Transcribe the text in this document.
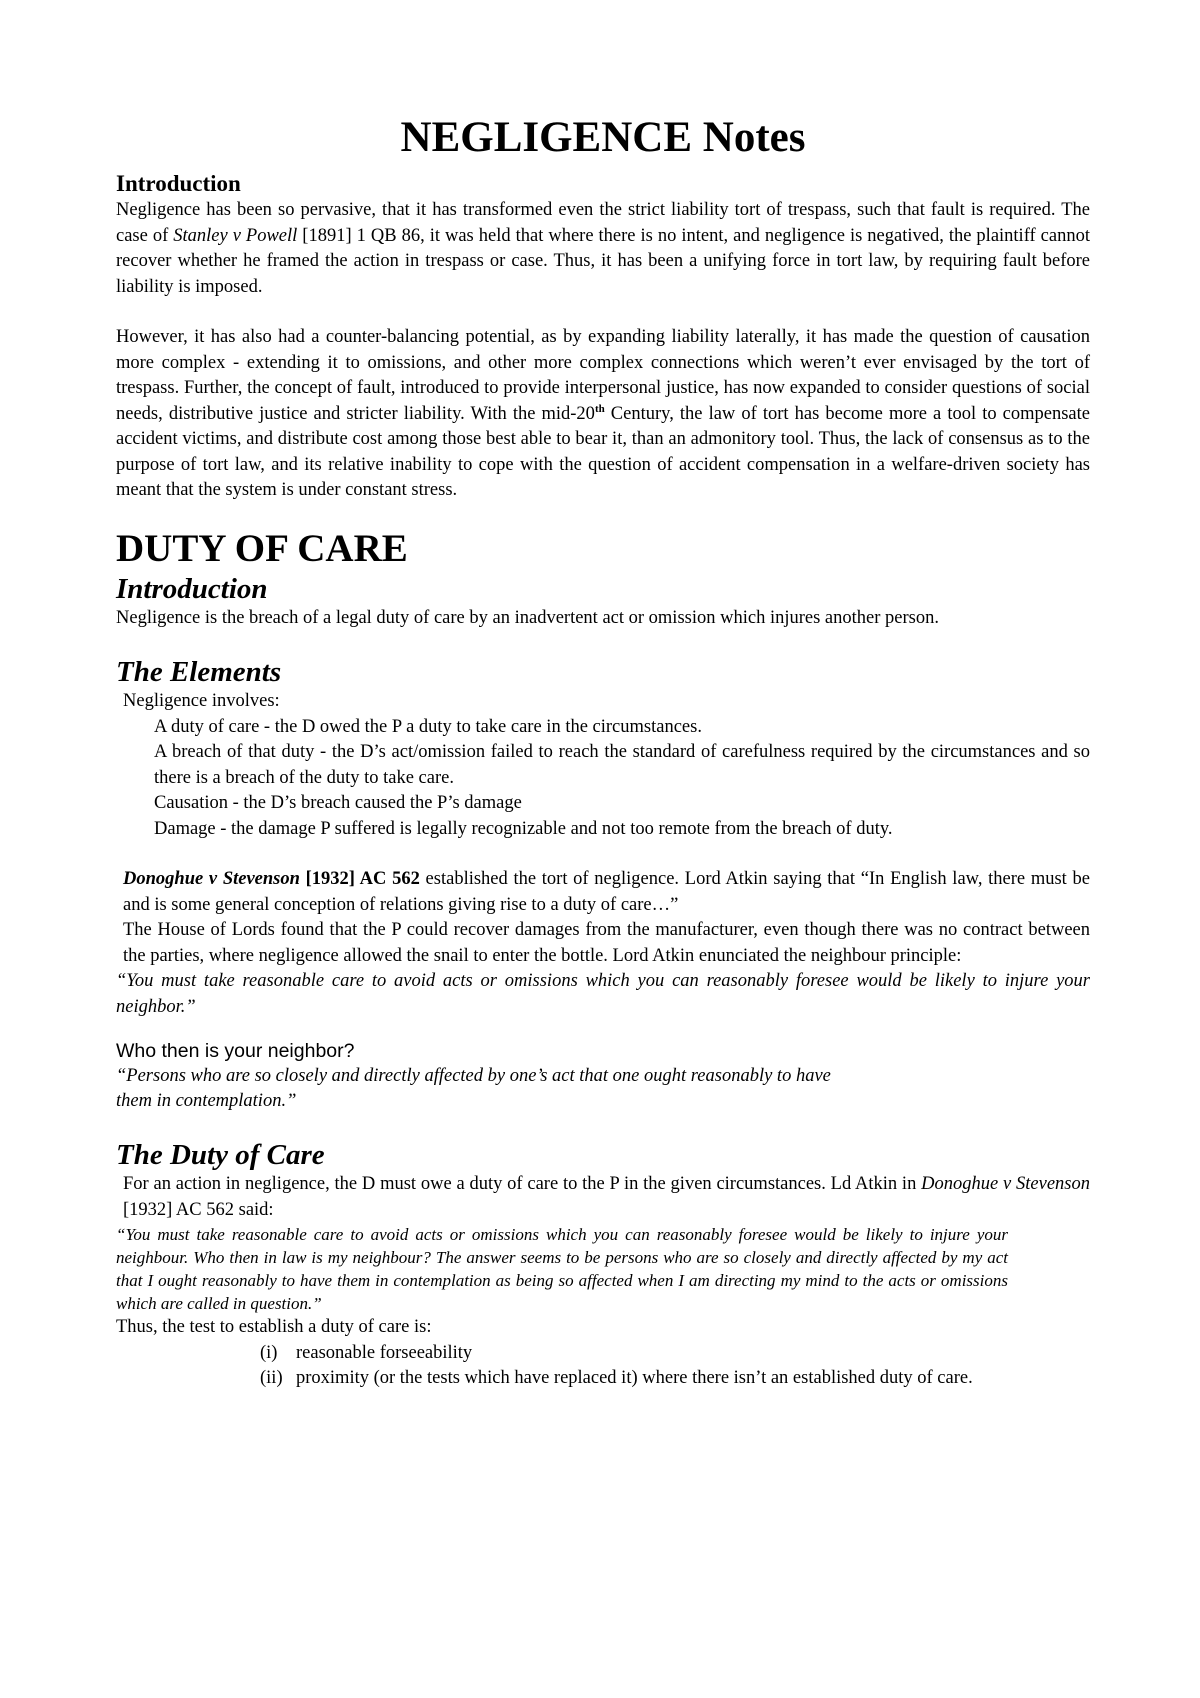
NEGLIGENCE Notes

Introduction

Negligence has been so pervasive, that it has transformed even the strict liability tort of trespass, such that fault is required. The case of Stanley v Powell [1891] 1 QB 86, it was held that where there is no intent, and negligence is negatived, the plaintiff cannot recover whether he framed the action in trespass or case. Thus, it has been a unifying force in tort law, by requiring fault before liability is imposed.

However, it has also had a counter-balancing potential, as by expanding liability laterally, it has made the question of causation more complex - extending it to omissions, and other more complex connections which weren’t ever envisaged by the tort of trespass. Further, the concept of fault, introduced to provide interpersonal justice, has now expanded to consider questions of social needs, distributive justice and stricter liability. With the mid-20th Century, the law of tort has become more a tool to compensate accident victims, and distribute cost among those best able to bear it, than an admonitory tool. Thus, the lack of consensus as to the purpose of tort law, and its relative inability to cope with the question of accident compensation in a welfare-driven society has meant that the system is under constant stress.

DUTY OF CARE

Introduction

Negligence is the breach of a legal duty of care by an inadvertent act or omission which injures another person.

The Elements

Negligence involves:

A duty of care - the D owed the P a duty to take care in the circumstances.
A breach of that duty - the D’s act/omission failed to reach the standard of carefulness required by the circumstances and so there is a breach of the duty to take care.
Causation - the D’s breach caused the P’s damage
Damage - the damage P suffered is legally recognizable and not too remote from the breach of duty.

Donoghue v Stevenson [1932] AC 562 established the tort of negligence. Lord Atkin saying that “In English law, there must be and is some general conception of relations giving rise to a duty of care…”

The House of Lords found that the P could recover damages from the manufacturer, even though there was no contract between the parties, where negligence allowed the snail to enter the bottle. Lord Atkin enunciated the neighbour principle:

“You must take reasonable care to avoid acts or omissions which you can reasonably foresee would be likely to injure your neighbor.”

Who then is your neighbor?

“Persons who are so closely and directly affected by one’s act that one ought reasonably to have
them in contemplation.”

The Duty of Care

For an action in negligence, the D must owe a duty of care to the P in the given circumstances. Ld Atkin in Donoghue v Stevenson [1932] AC 562 said:

“You must take reasonable care to avoid acts or omissions which you can reasonably foresee would be likely to injure your neighbour. Who then in law is my neighbour? The answer seems to be persons who are so closely and directly affected by my act that I ought reasonably to have them in contemplation as being so affected when I am directing my mind to the acts or omissions which are called in question.”

Thus, the test to establish a duty of care is:

(i)	reasonable forseeability
(ii) proximity (or the tests which have replaced it) where there isn’t an established duty of care.
